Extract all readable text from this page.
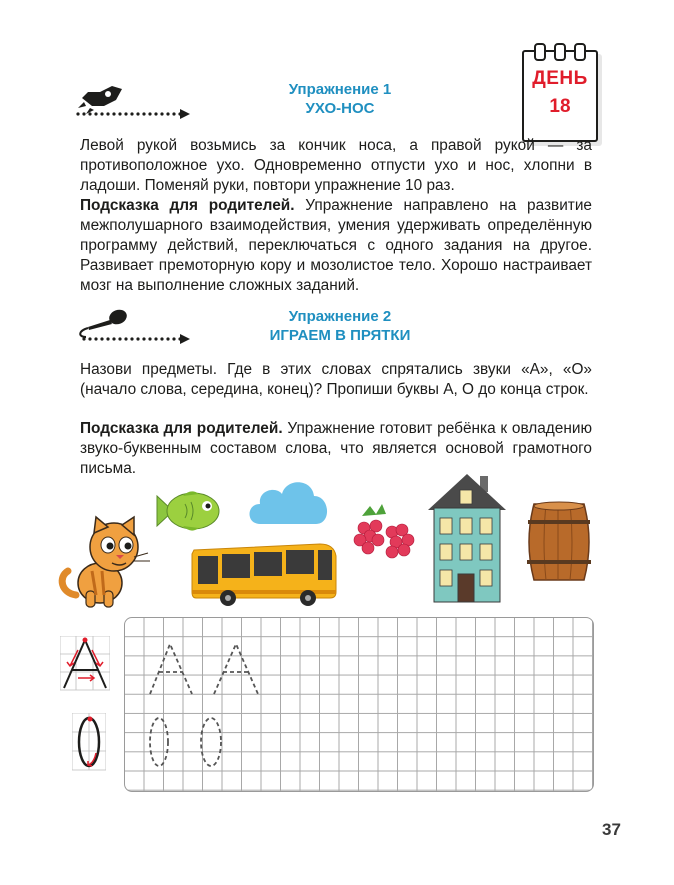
Упражнение 1
УХО-НОС
ДЕНЬ
18

Левой рукой возьмись за кончик носа, а правой рукой — за противоположное ухо. Одновременно отпусти ухо и нос, хлопни в ладоши. Поменяй руки, повтори упражнение 10 раз.

Подсказка для родителей. Упражнение направлено на развитие межполушарного взаимодействия, умения удерживать определённую программу действий, переключаться с одного задания на другое. Развивает премоторную кору и мозолистое тело. Хорошо настраивает мозг на выполнение сложных заданий.

Упражнение 2
ИГРАЕМ В ПРЯТКИ

Назови предметы. Где в этих словах спрятались звуки «А», «О» (начало слова, середина, конец)? Пропиши буквы А, О до конца строк.

Подсказка для родителей. Упражнение готовит ребёнка к овладению звуко-буквенным составом слова, что является основой грамотного письма.

37
